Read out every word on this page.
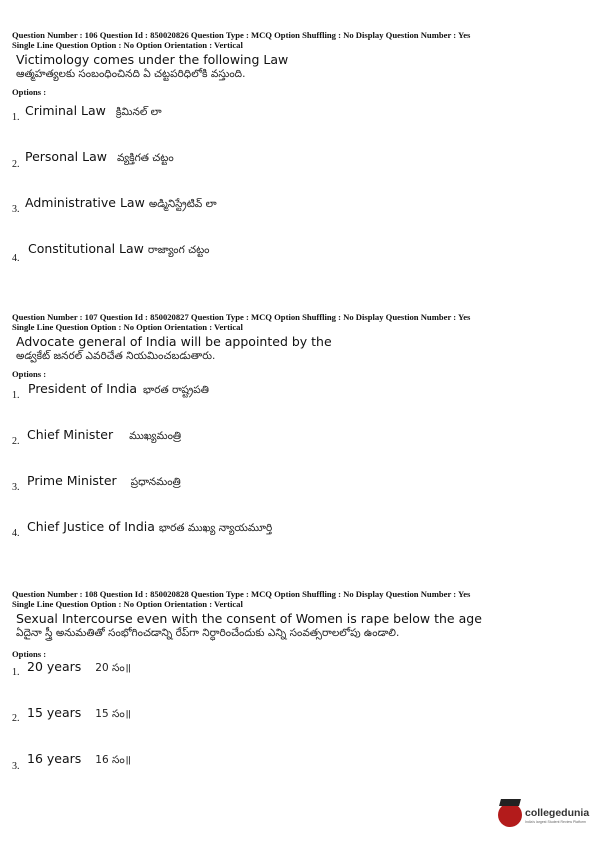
Question Number : 106 Question Id : 850020826 Question Type : MCQ Option Shuffling : No Display Question Number : Yes
Single Line Question Option : No Option Orientation : Vertical
Victimology comes under the following Law
ఆత్మహత్యలకు సంబంధించినది ఏ చట్టపరిధిలోకి వస్తుంది.
Options :
1. Criminal Law క్రిమినల్ లా
2.
Personal Law వ్యక్తిగత చట్టం
3. Administrative Law అడ్మినిస్ట్రేటివ్ లా
4.
Constitutional Law రాజ్యాంగ చట్టం
Question Number : 107 Question Id : 850020827 Question Type : MCQ Option Shuffling : No Display Question Number : Yes
Single Line Question Option : No Option Orientation : Vertical
Advocate general of India will be appointed by the
అడ్వకేట్ జనరల్ ఎవరిచేత నియమించబడుతారు.
Options :
1. President of India భారత రాష్ట్రపతి
2. Chief Minister ముఖ్యమంత్రి
3. Prime Minister ప్రధానమంత్రి
4. Chief Justice of India భారత ముఖ్య న్యాయమూర్తి
Question Number : 108 Question Id : 850020828 Question Type : MCQ Option Shuffling : No Display Question Number : Yes
Single Line Question Option : No Option Orientation : Vertical
Sexual Intercourse even with the consent of Women is rape below the age
ఏదైనా స్త్రీ అనుమతితో సంభోగించడాన్ని రేప్‌గా నిర్ధారించేందుకు ఎన్ని సంవత్సరాలలోపు ఉండాలి.
Options :
1. 20 years 20 సం॥
2. 15 years 15 సం॥
3.
16 years 16 సం॥
collegedunia
India's largest Student Review Platform
